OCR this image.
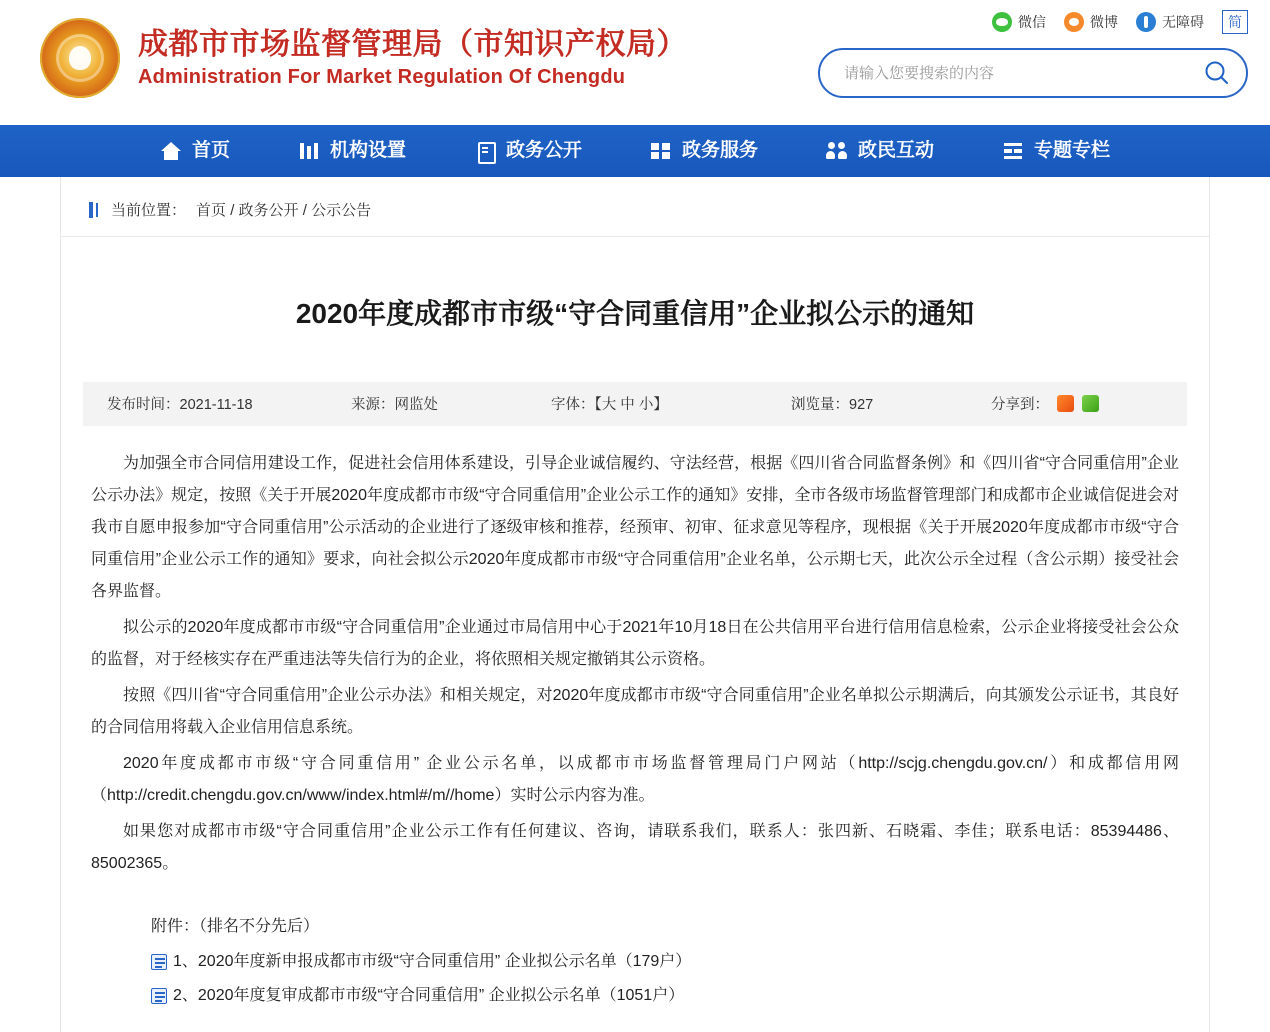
成都市市场监督管理局（市知识产权局）
Administration For Market Regulation Of Chengdu
微信	微博	无障碍	简
请输入您要搜索的内容
首页	机构设置	政务公开	政务服务	政民互动	专题专栏
当前位置： 首页 / 政务公开 / 公示公告
2020年度成都市市级“守合同重信用”企业拟公示的通知
发布时间：2021-11-18	来源：网监处	字体：【大 中 小】	浏览量：927	分享到：

为加强全市合同信用建设工作，促进社会信用体系建设，引导企业诚信履约、守法经营，根据《四川省合同监督条例》和《四川省“守合同重信用”企业公示办法》规定，按照《关于开展2020年度成都市市级“守合同重信用”企业公示工作的通知》安排，全市各级市场监督管理部门和成都市企业诚信促进会对我市自愿申报参加“守合同重信用”公示活动的企业进行了逐级审核和推荐，经预审、初审、征求意见等程序，现根据《关于开展2020年度成都市市级“守合同重信用”企业公示工作的通知》要求，向社会拟公示2020年度成都市市级“守合同重信用”企业名单，公示期七天，此次公示全过程（含公示期）接受社会各界监督。

拟公示的2020年度成都市市级“守合同重信用”企业通过市局信用中心于2021年10月18日在公共信用平台进行信用信息检索，公示企业将接受社会公众的监督，对于经核实存在严重违法等失信行为的企业，将依照相关规定撤销其公示资格。

按照《四川省“守合同重信用”企业公示办法》和相关规定，对2020年度成都市市级“守合同重信用”企业名单拟公示期满后，向其颁发公示证书，其良好的合同信用将载入企业信用信息系统。

2020年度成都市市级“守合同重信用” 企业公示名单，以成都市市场监督管理局门户网站（http://scjg.chengdu.gov.cn/）和成都信用网（http://credit.chengdu.gov.cn/www/index.html#/m//home）实时公示内容为准。

如果您对成都市市级“守合同重信用”企业公示工作有任何建议、咨询，请联系我们，联系人：张四新、石晓霜、李佳；联系电话：85394486、85002365。

附件：（排名不分先后）
1、2020年度新申报成都市市级“守合同重信用” 企业拟公示名单（179户）
2、2020年度复审成都市市级“守合同重信用” 企业拟公示名单（1051户）
